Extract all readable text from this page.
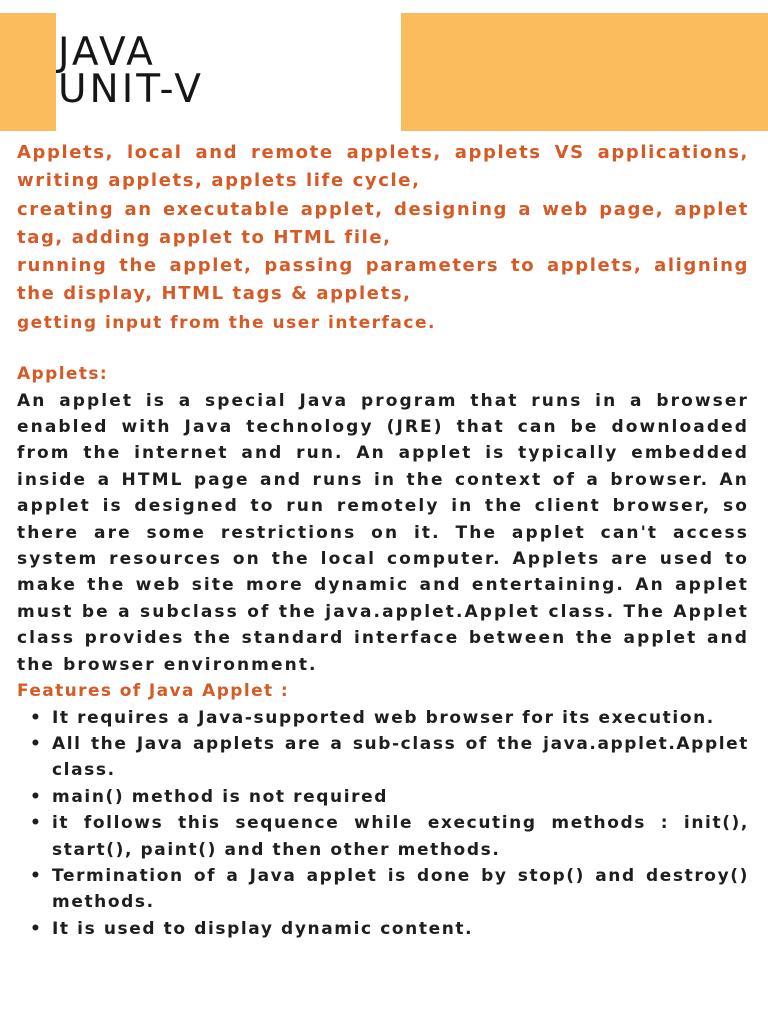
JAVA
UNIT-V

Applets, local and remote applets, applets VS applications, writing applets, applets life cycle,
creating an executable applet, designing a web page, applet tag, adding applet to HTML file,
running the applet, passing parameters to applets, aligning the display, HTML tags & applets,
getting input from the user interface.

Applets:

An applet is a special Java program that runs in a browser enabled with Java technology (JRE) that can be downloaded from the internet and run. An applet is typically embedded inside a HTML page and runs in the context of a browser. An applet is designed to run remotely in the client browser, so there are some restrictions on it. The applet can't access system resources on the local computer. Applets are used to make the web site more dynamic and entertaining. An applet must be a subclass of the java.applet.Applet class. The Applet class provides the standard interface between the applet and the browser environment.

Features of Java Applet :
•
It requires a Java-supported web browser for its execution.
•
All the Java applets are a sub-class of the java.applet.Applet class.
•
main() method is not required
•
it follows this sequence while executing methods : init(), start(), paint() and then other methods.
•
Termination of a Java applet is done by stop() and destroy() methods.
•
It is used to display dynamic content.
